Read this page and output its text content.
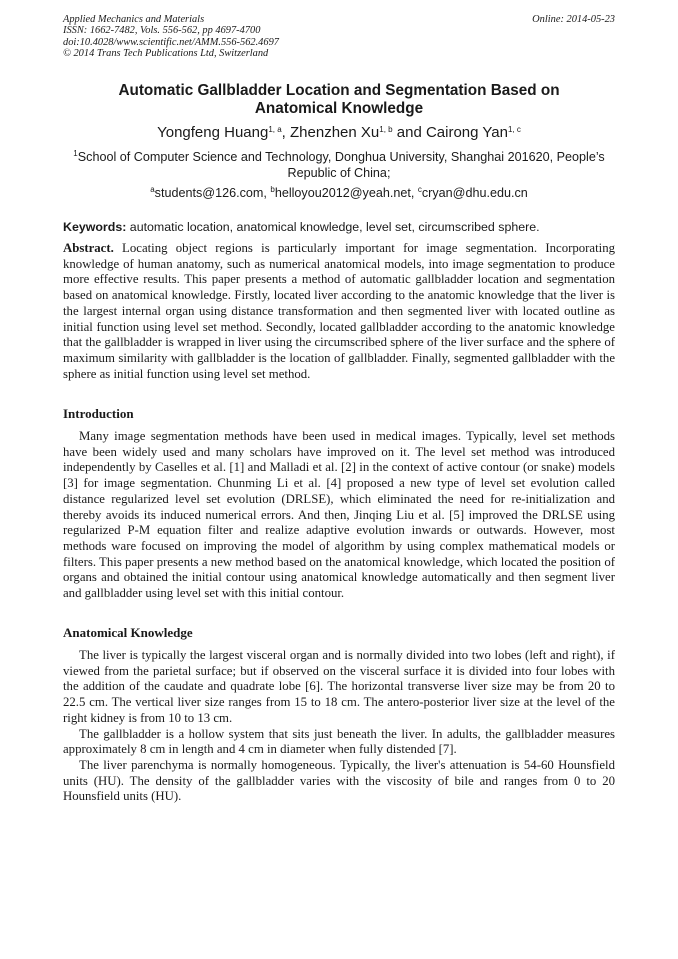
Applied Mechanics and Materials
ISSN: 1662-7482, Vols. 556-562, pp 4697-4700
doi:10.4028/www.scientific.net/AMM.556-562.4697
© 2014 Trans Tech Publications Ltd, Switzerland
Online: 2014-05-23
Automatic Gallbladder Location and Segmentation Based on
Anatomical Knowledge
Yongfeng Huang$^{1, a}$, Zhenzhen Xu$^{1, b}$ and Cairong Yan$^{1, c}$
$^1$School of Computer Science and Technology, Donghua University, Shanghai 201620, People’s Republic of China;
$^a$students@126.com, $^b$helloyou2012@yeah.net, $^c$cryan@dhu.edu.cn
Keywords: automatic location, anatomical knowledge, level set, circumscribed sphere.

Abstract. Locating object regions is particularly important for image segmentation. Incorporating knowledge of human anatomy, such as numerical anatomical models, into image segmentation to produce more effective results. This paper presents a method of automatic gallbladder location and segmentation based on anatomical knowledge. Firstly, located liver according to the anatomic knowledge that the liver is the largest internal organ using distance transformation and then segmented liver with located outline as initial function using level set method. Secondly, located gallbladder according to the anatomic knowledge that the gallbladder is wrapped in liver using the circumscribed sphere of the liver surface and the sphere of maximum similarity with gallbladder is the location of gallbladder. Finally, segmented gallbladder with the sphere as initial function using level set method.

Introduction

Many image segmentation methods have been used in medical images. Typically, level set methods have been widely used and many scholars have improved on it. The level set method was introduced independently by Caselles et al. [1] and Malladi et al. [2] in the context of active contour (or snake) models [3] for image segmentation. Chunming Li et al. [4] proposed a new type of level set evolution called distance regularized level set evolution (DRLSE), which eliminated the need for re-initialization and thereby avoids its induced numerical errors. And then, Jinqing Liu et al. [5] improved the DRLSE using regularized P-M equation filter and realize adaptive evolution inwards or outwards. However, most methods ware focused on improving the model of algorithm by using complex mathematical models or filters. This paper presents a new method based on the anatomical knowledge, which located the position of organs and obtained the initial contour using anatomical knowledge automatically and then segment liver and gallbladder using level set with this initial contour.

Anatomical Knowledge

The liver is typically the largest visceral organ and is normally divided into two lobes (left and right), if viewed from the parietal surface; but if observed on the visceral surface it is divided into four lobes with the addition of the caudate and quadrate lobe [6]. The horizontal transverse liver size may be from 20 to 22.5 cm. The vertical liver size ranges from 15 to 18 cm. The antero-posterior liver size at the level of the right kidney is from 10 to 13 cm.

The gallbladder is a hollow system that sits just beneath the liver. In adults, the gallbladder measures approximately 8 cm in length and 4 cm in diameter when fully distended [7].

The liver parenchyma is normally homogeneous. Typically, the liver's attenuation is 54-60 Hounsfield units (HU). The density of the gallbladder varies with the viscosity of bile and ranges from 0 to 20 Hounsfield units (HU).
